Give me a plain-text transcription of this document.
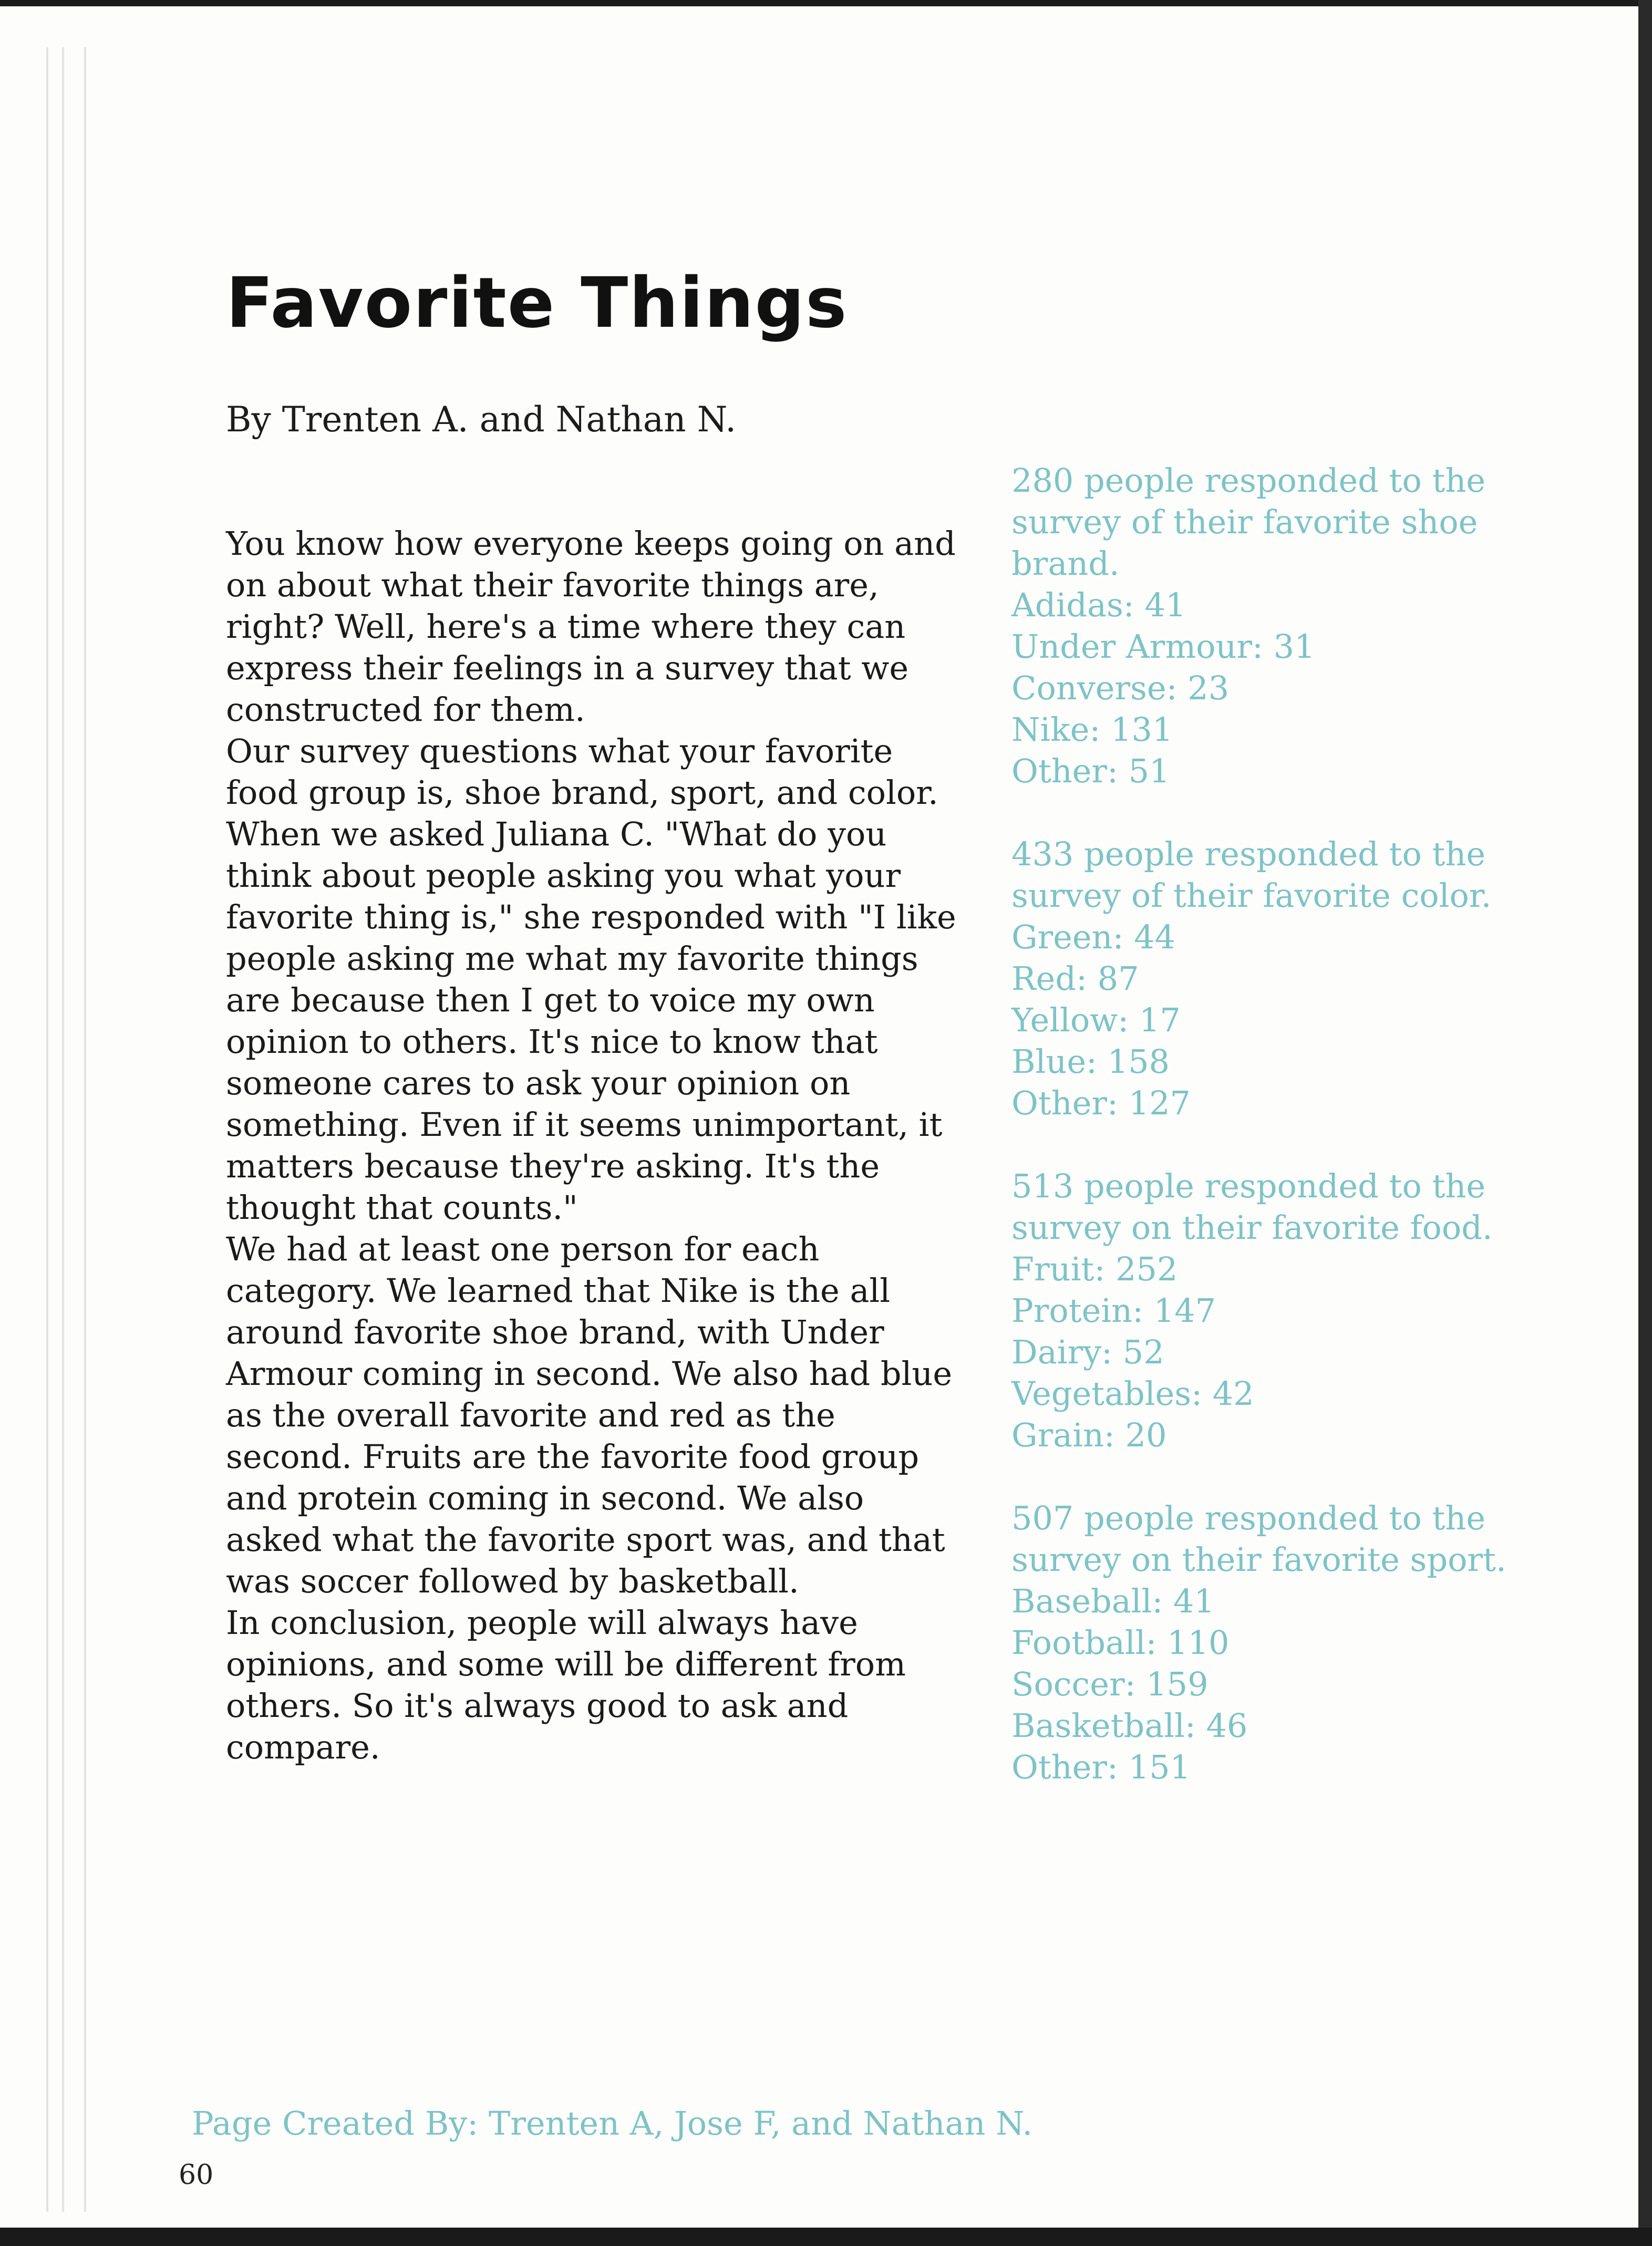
Favorite Things
By Trenten A. and Nathan N.

You know how everyone keeps going on and on about what their favorite things are, right? Well, here's a time where they can express their feelings in a survey that we constructed for them.

Our survey questions what your favorite food group is, shoe brand, sport, and color. When we asked Juliana C. "What do you think about people asking you what your favorite thing is," she responded with "I like people asking me what my favorite things are because then I get to voice my own opinion to others. It's nice to know that someone cares to ask your opinion on something. Even if it seems unimportant, it matters because they're asking. It's the thought that counts."

We had at least one person for each category. We learned that Nike is the all around favorite shoe brand, with Under Armour coming in second. We also had blue as the overall favorite and red as the second. Fruits are the favorite food group and protein coming in second. We also asked what the favorite sport was, and that was soccer followed by basketball.

In conclusion, people will always have opinions, and some will be different from others. So it's always good to ask and compare.

280 people responded to the survey of their favorite shoe brand.

Adidas: 41

Under Armour: 31

Converse: 23

Nike: 131

Other: 51

433 people responded to the survey of their favorite color.

Green: 44

Red: 87

Yellow: 17

Blue: 158

Other: 127

513 people responded to the survey on their favorite food.

Fruit: 252

Protein: 147

Dairy: 52

Vegetables: 42

Grain: 20

507 people responded to the survey on their favorite sport.

Baseball: 41

Football: 110

Soccer: 159

Basketball: 46

Other: 151

Page Created By: Trenten A, Jose F, and Nathan N.
60
